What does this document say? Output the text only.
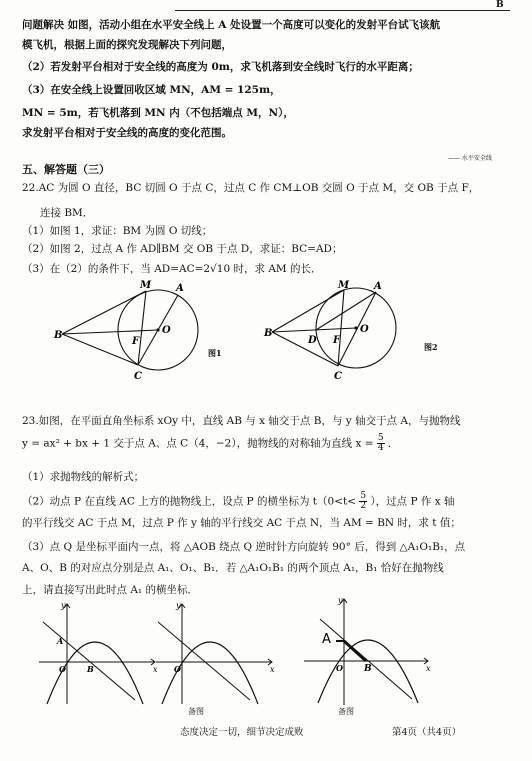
B
问题解决 如图，活动小组在水平安全线上 A 处设置一个高度可以变化的发射平台试飞该航
模飞机，根据上面的探究发现解决下列问题，
（2）若发射平台相对于安全线的高度为 0m，求飞机落到安全线时飞行的水平距离；
（3）在安全线上设置回收区域 MN，AM = 125m，
MN = 5m，若飞机落到 MN 内（不包括端点 M，N），
求发射平台相对于安全线的高度的变化范围。
—— 水平安全线
五、解答题（三）
22.AC 为圆 O 直径，BC 切圆 O 于点 C，过点 C 作 CM⊥OB 交圆 O 于点 M，交 OB 于点 F，
连接 BM．
（1）如图 1，求证：BM 为圆 O 切线；
（2）如图 2，过点 A 作 AD∥BM 交 OB 于点 D，求证：BC=AD；
（3）在（2）的条件下，当 AD=AC=2√10 时，求 AM 的长．
B
M A
O
F
C
图1
B
M A
O
F
D
C
图2
23.如图，在平面直角坐标系 xOy 中，直线 AB 与 x 轴交于点 B，与 y 轴交于点 A，与抛物线
y = ax² + bx + 1 交于点 A、点 C（4，−2），抛物线的对称轴为直线 $x = \frac{5}{4}$ ．
（1）求抛物线的解析式；
（2）动点 P 在直线 AC 上方的抛物线上，设点 P 的横坐标为 $t(0<t< \frac{5}{2}$ ），过点 P 作 x 轴
的平行线交 AC 于点 M，过点 P 作 y 轴的平行线交 AC 于点 N，当 AM = BN 时，求 t 值；
（3）点 Q 是坐标平面内一点，将 △AOB 绕点 Q 逆时针方向旋转 90° 后，得到 △A₁O₁B₁，点
A、O、B 的对应点分别是点 A₁、O₁、B₁．若 △A₁O₁B₁ 的两个顶点 A₁，B₁ 恰好在抛物线
上，请直接写出此时点 A₁ 的横坐标．
y
x
A
O	B
y
x
O
备图
y
x
A
O B
备图
态度决定一切，细节决定成败	第4页（共4页）
